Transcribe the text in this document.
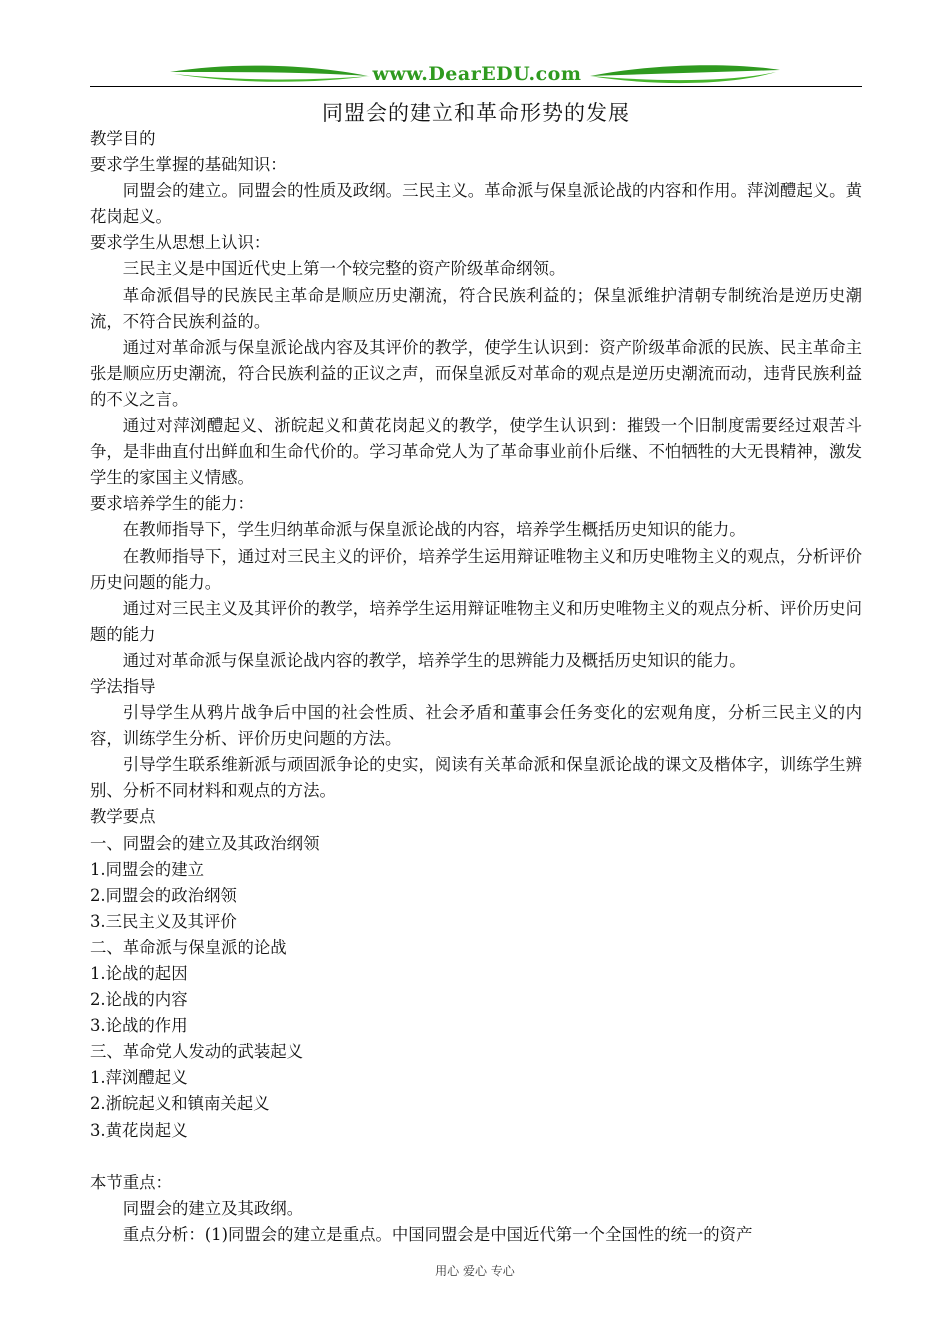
www.DearEDU.com
同盟会的建立和革命形势的发展

教学目的

要求学生掌握的基础知识：

同盟会的建立。同盟会的性质及政纲。三民主义。革命派与保皇派论战的内容和作用。萍浏醴起义。黄花岗起义。

要求学生从思想上认识：

三民主义是中国近代史上第一个较完整的资产阶级革命纲领。

革命派倡导的民族民主革命是顺应历史潮流，符合民族利益的；保皇派维护清朝专制统治是逆历史潮流，不符合民族利益的。

通过对革命派与保皇派论战内容及其评价的教学，使学生认识到：资产阶级革命派的民族、民主革命主张是顺应历史潮流，符合民族利益的正议之声，而保皇派反对革命的观点是逆历史潮流而动，违背民族利益的不义之言。

通过对萍浏醴起义、浙皖起义和黄花岗起义的教学，使学生认识到：摧毁一个旧制度需要经过艰苦斗争，是非曲直付出鲜血和生命代价的。学习革命党人为了革命事业前仆后继、不怕牺牲的大无畏精神，激发学生的家国主义情感。

要求培养学生的能力：

在教师指导下，学生归纳革命派与保皇派论战的内容，培养学生概括历史知识的能力。

在教师指导下，通过对三民主义的评价，培养学生运用辩证唯物主义和历史唯物主义的观点，分析评价历史问题的能力。

通过对三民主义及其评价的教学，培养学生运用辩证唯物主义和历史唯物主义的观点分析、评价历史问题的能力

通过对革命派与保皇派论战内容的教学，培养学生的思辨能力及概括历史知识的能力。

学法指导

引导学生从鸦片战争后中国的社会性质、社会矛盾和董事会任务变化的宏观角度，分析三民主义的内容，训练学生分析、评价历史问题的方法。

引导学生联系维新派与顽固派争论的史实，阅读有关革命派和保皇派论战的课文及楷体字，训练学生辨别、分析不同材料和观点的方法。

教学要点

一、同盟会的建立及其政治纲领

1.同盟会的建立

2.同盟会的政治纲领

3.三民主义及其评价

二、革命派与保皇派的论战

1.论战的起因

2.论战的内容

3.论战的作用

三、革命党人发动的武装起义

1.萍浏醴起义

2.浙皖起义和镇南关起义

3.黄花岗起义

本节重点：

同盟会的建立及其政纲。

重点分析：(1)同盟会的建立是重点。中国同盟会是中国近代第一个全国性的统一的资产

用心 爱心 专心
